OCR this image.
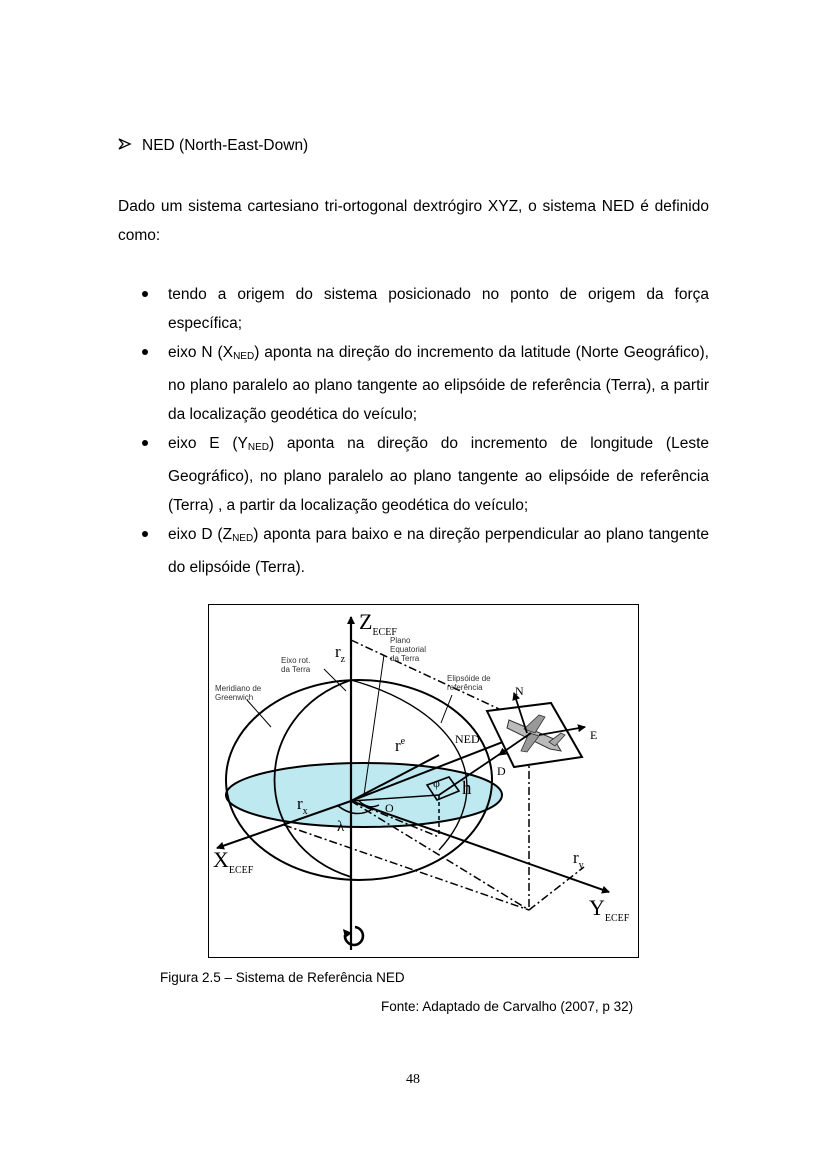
NED (North-East-Down)

Dado um sistema cartesiano tri-ortogonal dextrógiro XYZ, o sistema NED é definido como:

tendo a origem do sistema posicionado no ponto de origem da força específica;
eixo N $(X_{NED})$ aponta na direção do incremento da latitude (Norte Geográfico), no plano paralelo ao plano tangente ao elipsóide de referência (Terra), a partir da localização geodética do veículo;
eixo E $(Y_{NED})$ aponta na direção do incremento de longitude (Leste Geográfico), no plano paralelo ao plano tangente ao elipsóide de referência (Terra) , a partir da localização geodética do veículo;
eixo D $(Z_{NED})$ aponta para baixo e na direção perpendicular ao plano tangente do elipsóide (Terra).
$Z_{ECEF}$
$X_{ECEF}$
$Y_{ECEF}$
$r_z$
$r_x$
$r_y$
$r^e$
h
λ
φ
O
NED
N
E
D
Plano
Equatorial
da Terra
Eixo rot.
da Terra
Elipsóide de
referência
Meridiano de
Greenwich
Figura 2.5 – Sistema de Referência NED
Fonte: Adaptado de Carvalho (2007, p 32)
48
